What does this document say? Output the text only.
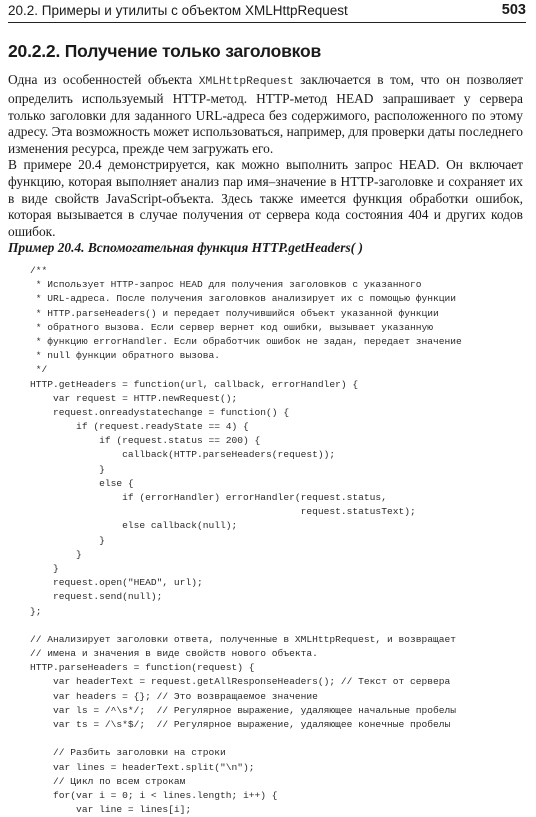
20.2. Примеры и утилиты с объектом XMLHttpRequest	503
20.2.2. Получение только заголовков

Одна из особенностей объекта XMLHttpRequest заключается в том, что он позволяет определить используемый HTTP-метод. HTTP-метод HEAD запрашивает у сервера только заголовки для заданного URL-адреса без содержимого, расположенного по этому адресу. Эта возможность может использоваться, например, для проверки даты последнего изменения ресурса, прежде чем загружать его.

В примере 20.4 демонстрируется, как можно выполнить запрос HEAD. Он включает функцию, которая выполняет анализ пар имя–значение в HTTP-заголовке и сохраняет их в виде свойств JavaScript-объекта. Здесь также имеется функция обработки ошибок, которая вызывается в случае получения от сервера кода состояния 404 и других кодов ошибок.

Пример 20.4. Вспомогательная функция HTTP.getHeaders( )
/**
* Использует HTTP-запрос HEAD для получения заголовков с указанного
* URL-адреса. После получения заголовков анализирует их с помощью функции
* HTTP.parseHeaders() и передает получившийся объект указанной функции
* обратного вызова. Если сервер вернет код ошибки, вызывает указанную
* функцию errorHandler. Если обработчик ошибок не задан, передает значение
* null функции обратного вызова.
*/
HTTP.getHeaders = function(url, callback, errorHandler) {
var request = HTTP.newRequest();
request.onreadystatechange = function() {
if (request.readyState == 4) {
if (request.status == 200) {
callback(HTTP.parseHeaders(request));
}
else {
if (errorHandler) errorHandler(request.status,
request.statusText);
else callback(null);
}
}
}
request.open("HEAD", url);
request.send(null);
};
// Анализирует заголовки ответа, полученные в XMLHttpRequest, и возвращает
// имена и значения в виде свойств нового объекта.
HTTP.parseHeaders = function(request) {
var headerText = request.getAllResponseHeaders(); // Текст от сервера
var headers = {}; // Это возвращаемое значение
var ls = /^\s*/;  // Регулярное выражение, удаляющее начальные пробелы
var ts = /\s*$/;  // Регулярное выражение, удаляющее конечные пробелы
// Разбить заголовки на строки
var lines = headerText.split("\n");
// Цикл по всем строкам
for(var i = 0; i < lines.length; i++) {
var line = lines[i];
